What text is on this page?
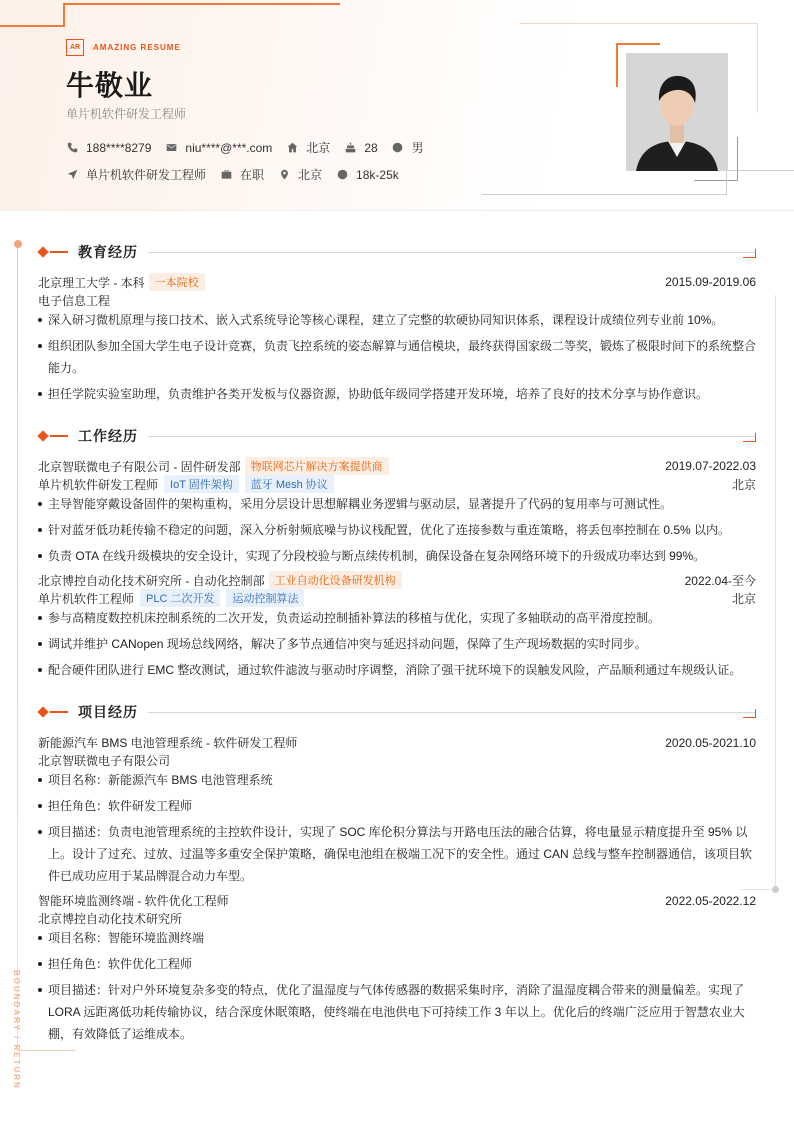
AR	AMAZING RESUME
牛敬业
单片机软件研发工程师
188****8279	niu****@***.com	北京	28	男
单片机软件研发工程师	在职	北京	18k-25k
BOUNDARY / RETURN
教育经历
北京理工大学 - 本科 一本院校	2015.09-2019.06
电子信息工程
深入研习微机原理与接口技术、嵌入式系统导论等核心课程，建立了完整的软硬协同知识体系，课程设计成绩位列专业前 10%。
组织团队参加全国大学生电子设计竞赛，负责飞控系统的姿态解算与通信模块，最终获得国家级二等奖，锻炼了极限时间下的系统整合能力。
担任学院实验室助理，负责维护各类开发板与仪器资源，协助低年级同学搭建开发环境，培养了良好的技术分享与协作意识。
工作经历
北京智联微电子有限公司 - 固件研发部 物联网芯片解决方案提供商	2019.07-2022.03
单片机软件研发工程师	IoT 固件架构	蓝牙 Mesh 协议	北京
主导智能穿戴设备固件的架构重构，采用分层设计思想解耦业务逻辑与驱动层，显著提升了代码的复用率与可测试性。
针对蓝牙低功耗传输不稳定的问题，深入分析射频底噪与协议栈配置，优化了连接参数与重连策略，将丢包率控制在 0.5% 以内。
负责 OTA 在线升级模块的安全设计，实现了分段校验与断点续传机制，确保设备在复杂网络环境下的升级成功率达到 99%。
北京博控自动化技术研究所 - 自动化控制部 工业自动化设备研发机构	2022.04-至今
单片机软件工程师	PLC 二次开发	运动控制算法	北京
参与高精度数控机床控制系统的二次开发，负责运动控制插补算法的移植与优化，实现了多轴联动的高平滑度控制。
调试并维护 CANopen 现场总线网络，解决了多节点通信冲突与延迟抖动问题，保障了生产现场数据的实时同步。
配合硬件团队进行 EMC 整改测试，通过软件滤波与驱动时序调整，消除了强干扰环境下的误触发风险，产品顺利通过车规级认证。
项目经历
新能源汽车 BMS 电池管理系统 - 软件研发工程师	2020.05-2021.10
北京智联微电子有限公司
项目名称：新能源汽车 BMS 电池管理系统
担任角色：软件研发工程师
项目描述：负责电池管理系统的主控软件设计，实现了 SOC 库伦积分算法与开路电压法的融合估算，将电量显示精度提升至 95% 以上。设计了过充、过放、过温等多重安全保护策略，确保电池组在极端工况下的安全性。通过 CAN 总线与整车控制器通信，该项目软件已成功应用于某品牌混合动力车型。
智能环境监测终端 - 软件优化工程师	2022.05-2022.12
北京博控自动化技术研究所
项目名称：智能环境监测终端
担任角色：软件优化工程师
项目描述：针对户外环境复杂多变的特点，优化了温湿度与气体传感器的数据采集时序，消除了温湿度耦合带来的测量偏差。实现了 LORA 远距离低功耗传输协议，结合深度休眠策略，使终端在电池供电下可持续工作 3 年以上。优化后的终端广泛应用于智慧农业大棚，有效降低了运维成本。
